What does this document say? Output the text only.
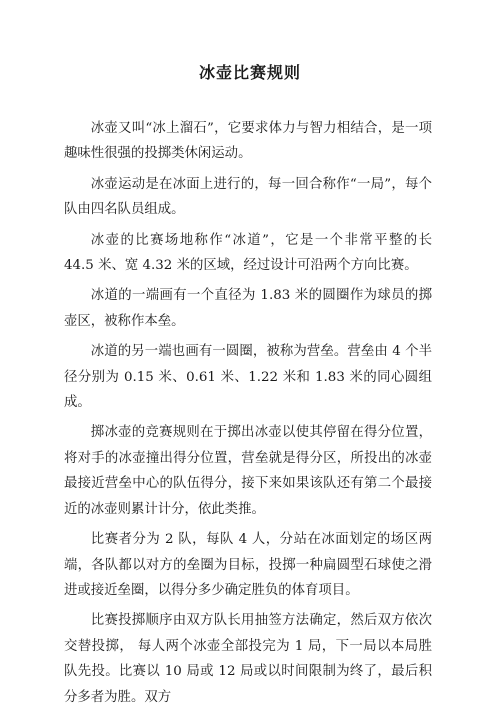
冰壶比赛规则

冰壶又叫“冰上溜石”，它要求体力与智力相结合，是一项趣味性很强的投掷类休闲运动。

冰壶运动是在冰面上进行的，每一回合称作“一局”，每个队由四名队员组成。

冰壶的比赛场地称作“冰道”，它是一个非常平整的长 44.5 米、宽 4.32 米的区域，经过设计可沿两个方向比赛。

冰道的一端画有一个直径为 1.83 米的圆圈作为球员的掷壶区，被称作本垒。

冰道的另一端也画有一圆圈，被称为营垒。营垒由 4 个半径分别为 0.15 米、0.61 米、1.22 米和 1.83 米的同心圆组成。

掷冰壶的竞赛规则在于掷出冰壶以使其停留在得分位置，将对手的冰壶撞出得分位置，营垒就是得分区，所投出的冰壶最接近营垒中心的队伍得分，接下来如果该队还有第二个最接近的冰壶则累计计分，依此类推。

比赛者分为 2 队，每队 4 人，分站在冰面划定的场区两端，各队都以对方的垒圈为目标，投掷一种扁圆型石球使之滑进或接近垒圈，以得分多少确定胜负的体育项目。

比赛投掷顺序由双方队长用抽签方法确定，然后双方依次交替投掷， 每人两个冰壶全部投完为 1 局，下一局以本局胜队先投。比赛以 10 局或 12 局或以时间限制为终了，最后积分多者为胜。双方
